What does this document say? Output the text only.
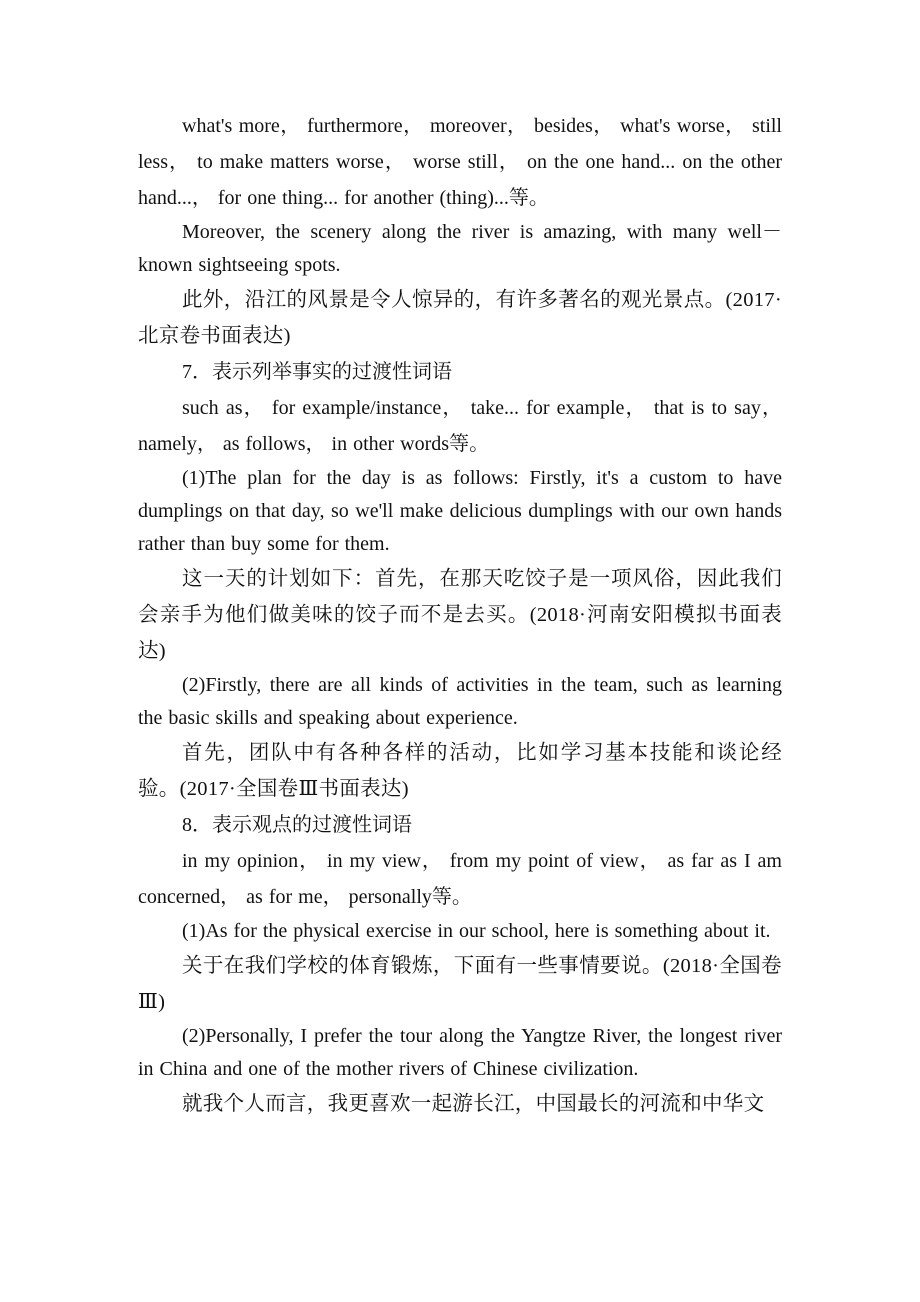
what's more， furthermore， moreover， besides， what's worse， still less， to make matters worse， worse still， on the one hand... on the other hand...， for one thing... for another (thing)...等。

Moreover, the scenery along the river is amazing, with many well－known sightseeing spots.

此外，沿江的风景是令人惊异的，有许多著名的观光景点。(2017·北京卷书面表达)

7．表示列举事实的过渡性词语

such as， for example/instance， take... for example， that is to say， namely， as follows， in other words等。

(1)The plan for the day is as follows: Firstly, it's a custom to have dumplings on that day, so we'll make delicious dumplings with our own hands rather than buy some for them.

这一天的计划如下：首先，在那天吃饺子是一项风俗，因此我们会亲手为他们做美味的饺子而不是去买。(2018·河南安阳模拟书面表达)

(2)Firstly, there are all kinds of activities in the team, such as learning the basic skills and speaking about experience.

首先，团队中有各种各样的活动，比如学习基本技能和谈论经验。(2017·全国卷Ⅲ书面表达)

8．表示观点的过渡性词语

in my opinion， in my view， from my point of view， as far as I am concerned， as for me， personally等。

(1)As for the physical exercise in our school, here is something about it.

关于在我们学校的体育锻炼，下面有一些事情要说。(2018·全国卷Ⅲ)

(2)Personally, I prefer the tour along the Yangtze River, the longest river in China and one of the mother rivers of Chinese civilization.

就我个人而言，我更喜欢一起游长江，中国最长的河流和中华文
